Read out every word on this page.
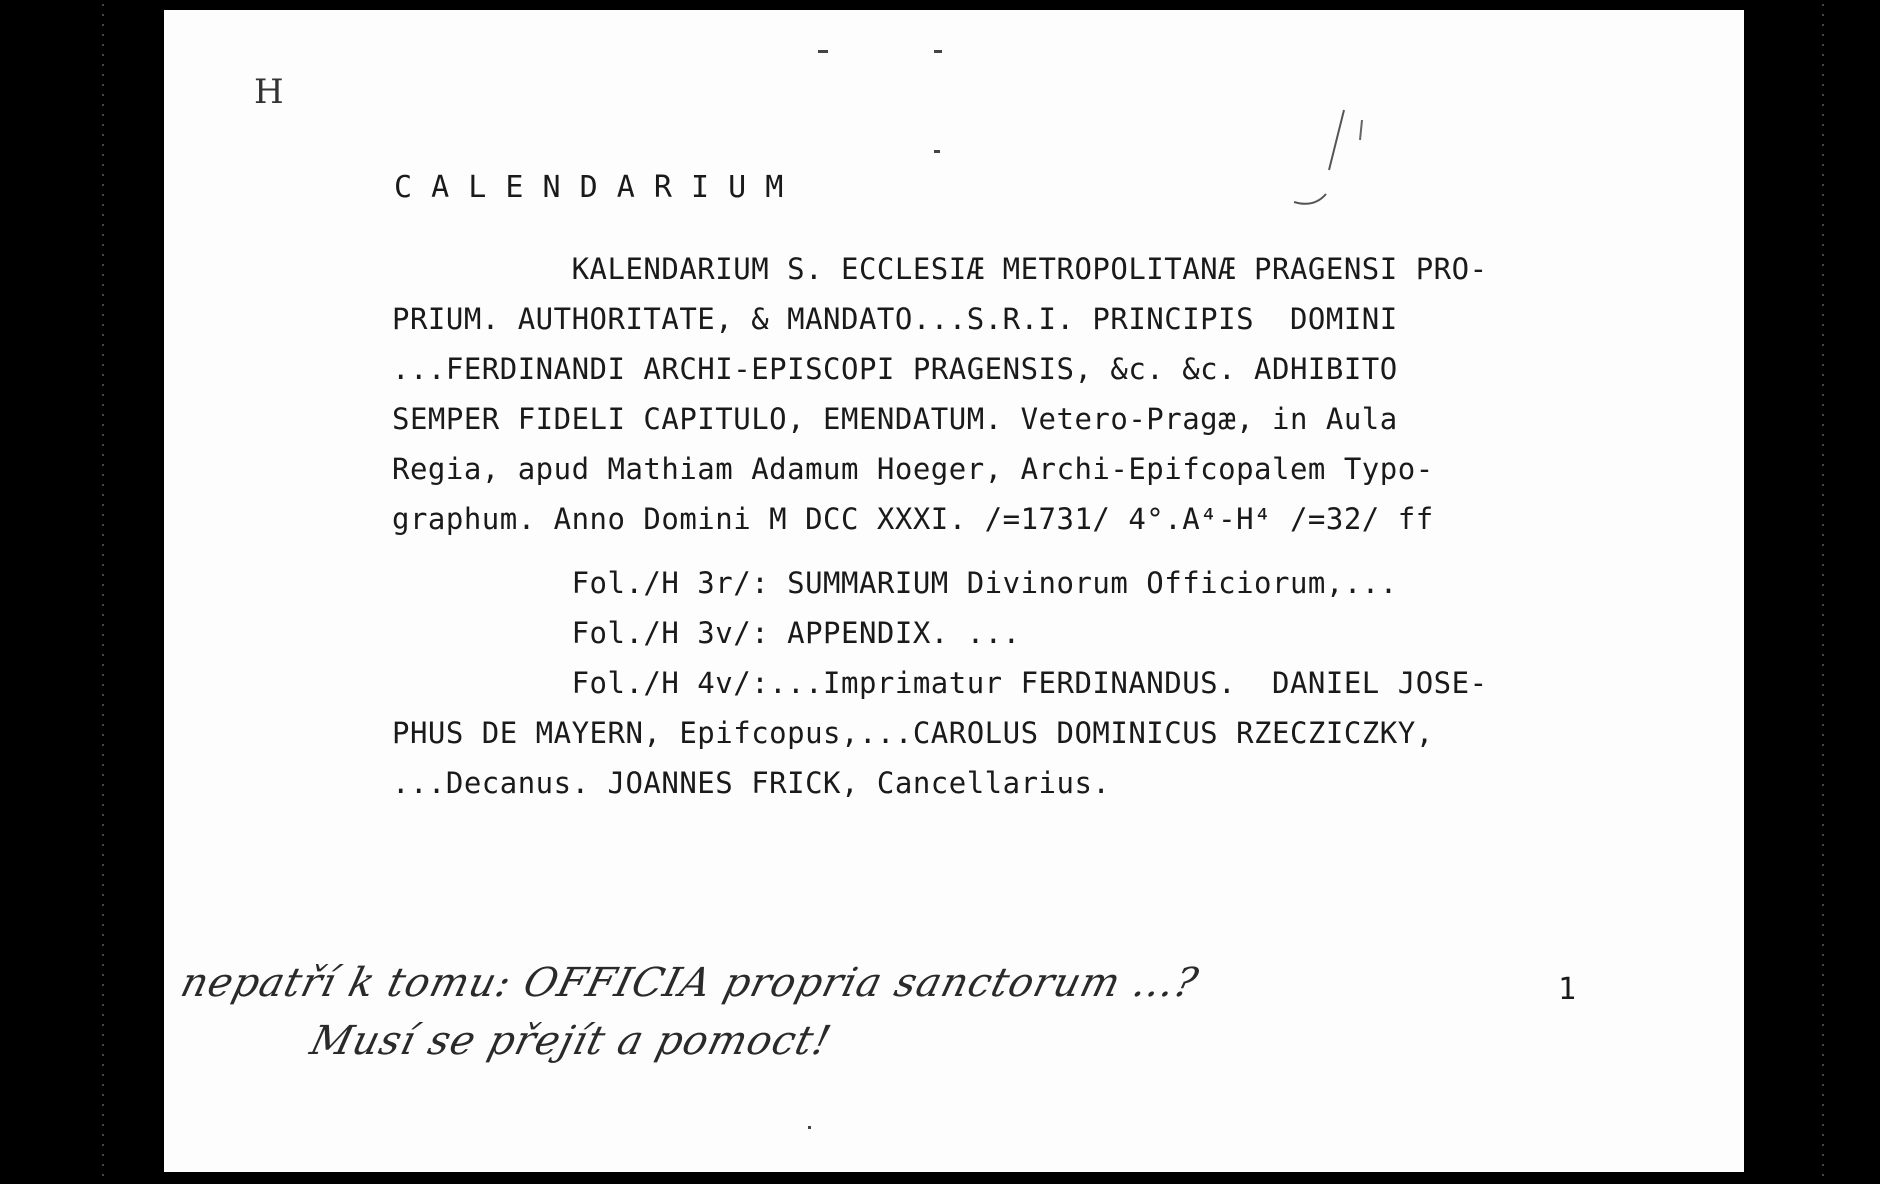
H
C A L E N D A R I U M
KALENDARIUM S. ECCLESIÆ METROPOLITANÆ PRAGENSI PRO-
PRIUM. AUTHORITATE, & MANDATO...S.R.I. PRINCIPIS  DOMINI
...FERDINANDI ARCHI-EPISCOPI PRAGENSIS, &c. &c. ADHIBITO
SEMPER FIDELI CAPITULO, EMENDATUM. Vetero-Pragæ, in Aula
Regia, apud Mathiam Adamum Hoeger, Archi-Epifcopalem Typo-
graphum. Anno Domini M DCC XXXI. /=1731/ 4°.A⁴-H⁴ /=32/ ff
Fol./H 3r/: SUMMARIUM Divinorum Officiorum,...
Fol./H 3v/: APPENDIX. ...
Fol./H 4v/:...Imprimatur FERDINANDUS.  DANIEL JOSE-
PHUS DE MAYERN, Epifcopus,...CAROLUS DOMINICUS RZECZICZKY,
...Decanus. JOANNES FRICK, Cancellarius.
nepatří k tomu: OFFICIA propria sanctorum ...?
Musí se přejít a pomoct!
1
